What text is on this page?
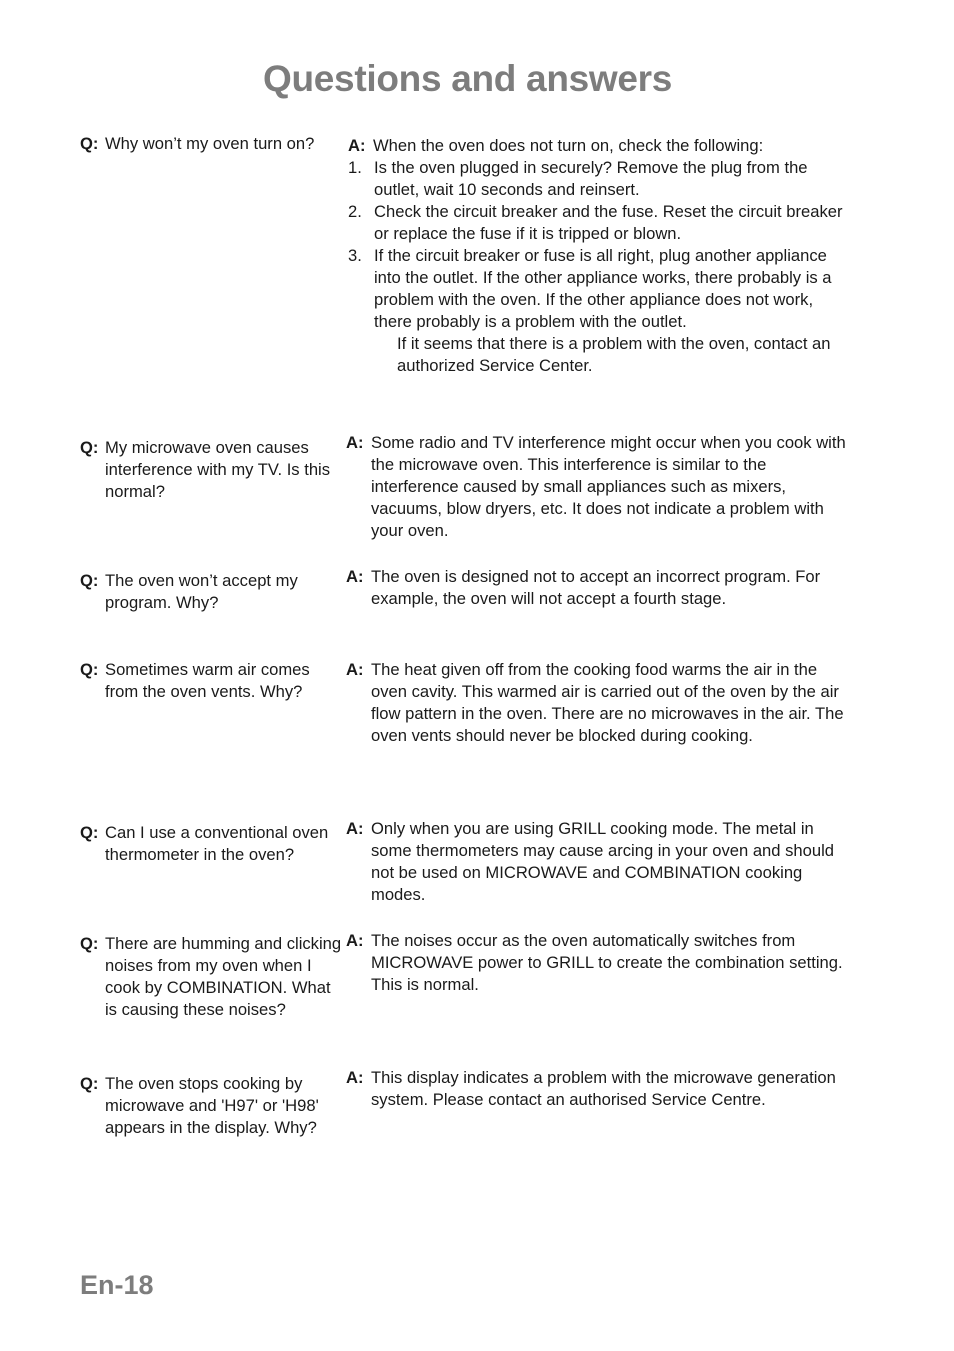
Questions and answers
Q: Why won’t my oven turn on?	A: When the oven does not turn on, check the following:
1. Is the oven plugged in securely? Remove the plug from the outlet, wait 10 seconds and reinsert.
2. Check the circuit breaker and the fuse. Reset the circuit breaker or replace the fuse if it is tripped or blown.
3. If the circuit breaker or fuse is all right, plug another appliance into the outlet. If the other appliance works, there probably is a problem with the oven. If the other appliance does not work, there probably is a problem with the outlet.
If it seems that there is a problem with the oven, contact an authorized Service Center.
Q: My microwave oven causes interference with my TV. Is this normal?
A: Some radio and TV interference might occur when you cook with the microwave oven. This interference is similar to the interference caused by small appliances such as mixers, vacuums, blow dryers, etc. It does not indicate a problem with your oven.
Q: The oven won’t accept my program. Why?
A: The oven is designed not to accept an incorrect program. For example, the oven will not accept a fourth stage.
Q: Sometimes warm air comes from the oven vents. Why?
A: The heat given off from the cooking food warms the air in the oven cavity. This warmed air is carried out of the oven by the air flow pattern in the oven. There are no microwaves in the air. The oven vents should never be blocked during cooking.
Q: Can I use a conventional oven thermometer in the oven?
A: Only when you are using GRILL cooking mode. The metal in some thermometers may cause arcing in your oven and should not be used on MICROWAVE and COMBINATION cooking modes.
Q: There are humming and clicking noises from my oven when I cook by COMBINATION. What is causing these noises?
A: The noises occur as the oven automatically switches from MICROWAVE power to GRILL to create the combination setting. This is normal.
Q: The oven stops cooking by microwave and 'H97' or 'H98' appears in the display. Why?
A: This display indicates a problem with the microwave generation system. Please contact an authorised Service Centre.
En-18
